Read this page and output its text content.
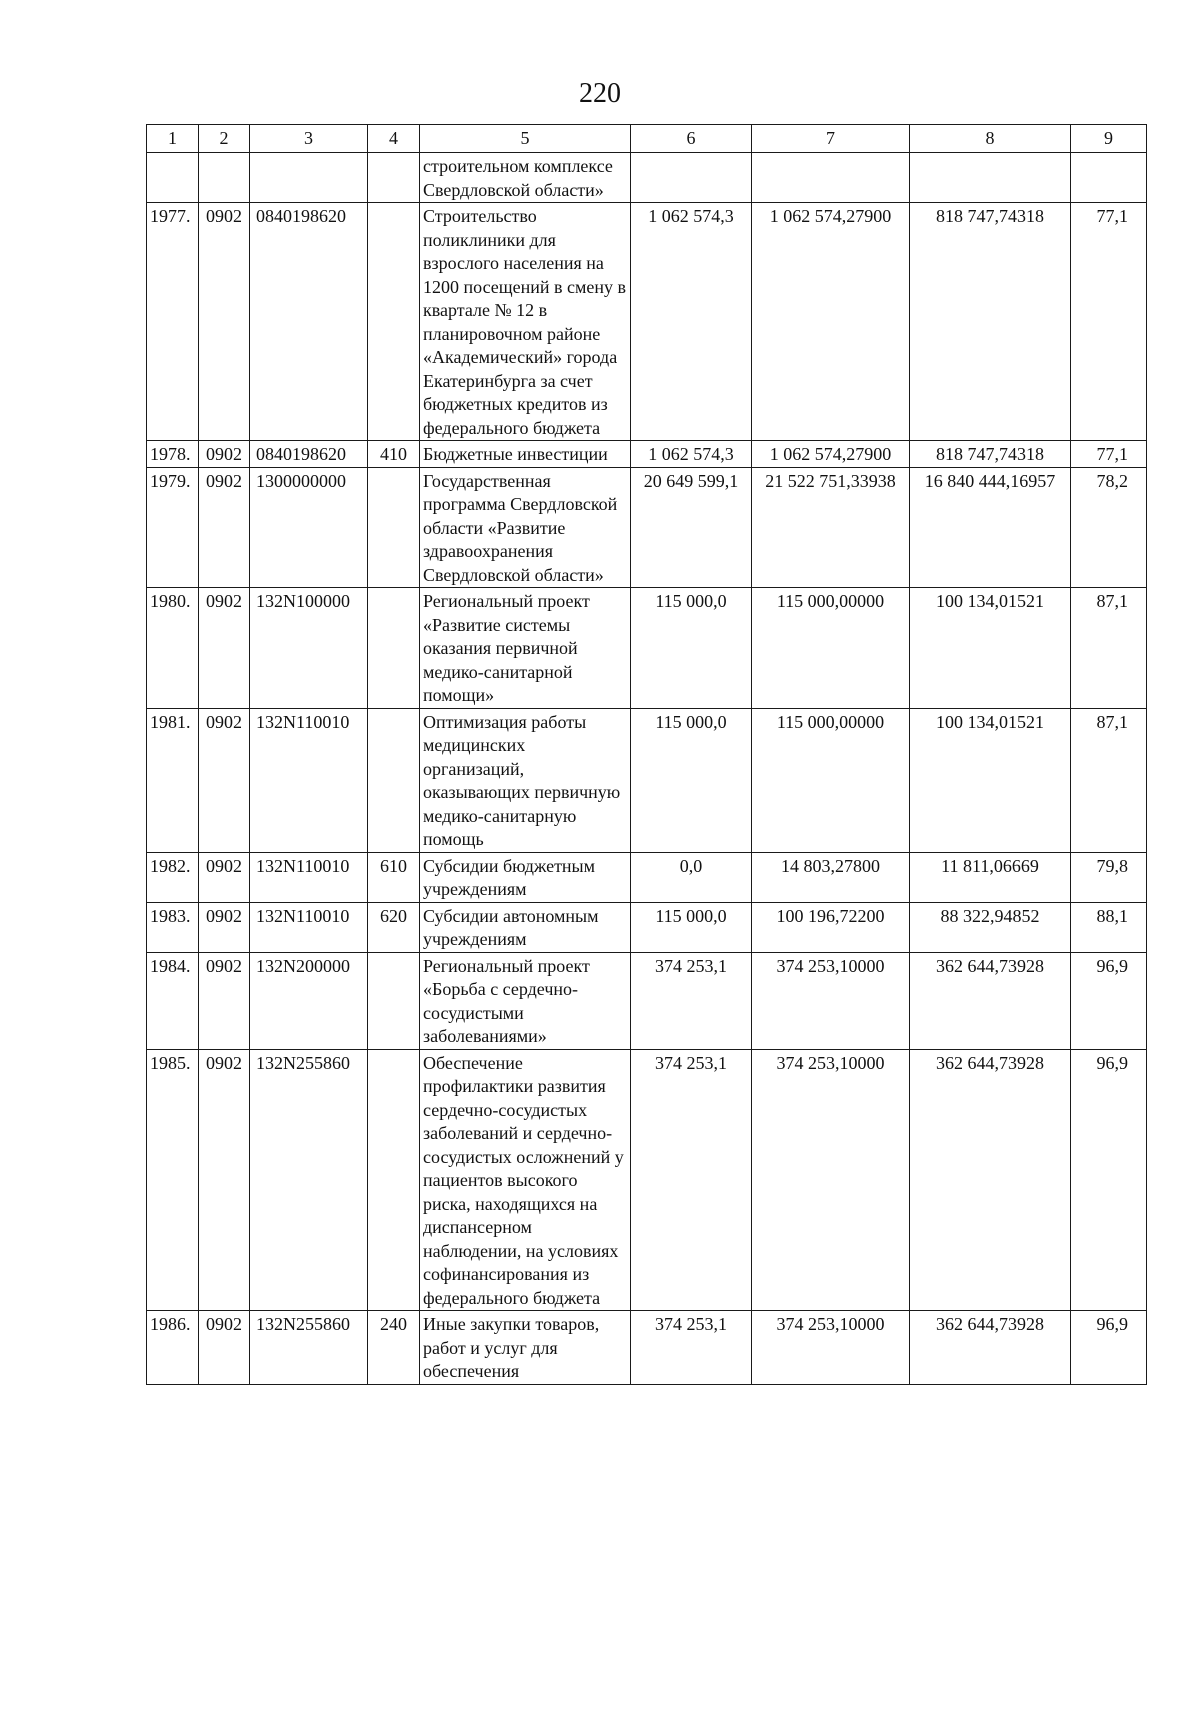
220
1	2	3	4	5	6	7	8	9
				строительном комплексе Свердловской области»				
1977.	0902	0840198620		Строительство поликлиники для взрослого населения на 1200 посещений в смену в квартале № 12 в планировочном районе «Академический» города Екатеринбурга за счет бюджетных кредитов из федерального бюджета	1 062 574,3	1 062 574,27900	818 747,74318	77,1
1978.	0902	0840198620	410	Бюджетные инвестиции	1 062 574,3	1 062 574,27900	818 747,74318	77,1
1979.	0902	1300000000		Государственная программа Свердловской области «Развитие здравоохранения Свердловской области»	20 649 599,1	21 522 751,33938	16 840 444,16957	78,2
1980.	0902	132N100000		Региональный проект «Развитие системы оказания первичной медико-санитарной помощи»	115 000,0	115 000,00000	100 134,01521	87,1
1981.	0902	132N110010		Оптимизация работы медицинских организаций, оказывающих первичную медико-санитарную помощь	115 000,0	115 000,00000	100 134,01521	87,1
1982.	0902	132N110010	610	Субсидии бюджетным учреждениям	0,0	14 803,27800	11 811,06669	79,8
1983.	0902	132N110010	620	Субсидии автономным учреждениям	115 000,0	100 196,72200	88 322,94852	88,1
1984.	0902	132N200000		Региональный проект «Борьба с сердечно-сосудистыми заболеваниями»	374 253,1	374 253,10000	362 644,73928	96,9
1985.	0902	132N255860		Обеспечение профилактики развития сердечно-сосудистых заболеваний и сердечно-сосудистых осложнений у пациентов высокого риска, находящихся на диспансерном наблюдении, на условиях софинансирования из федерального бюджета	374 253,1	374 253,10000	362 644,73928	96,9
1986.	0902	132N255860	240	Иные закупки товаров, работ и услуг для обеспечения	374 253,1	374 253,10000	362 644,73928	96,9
